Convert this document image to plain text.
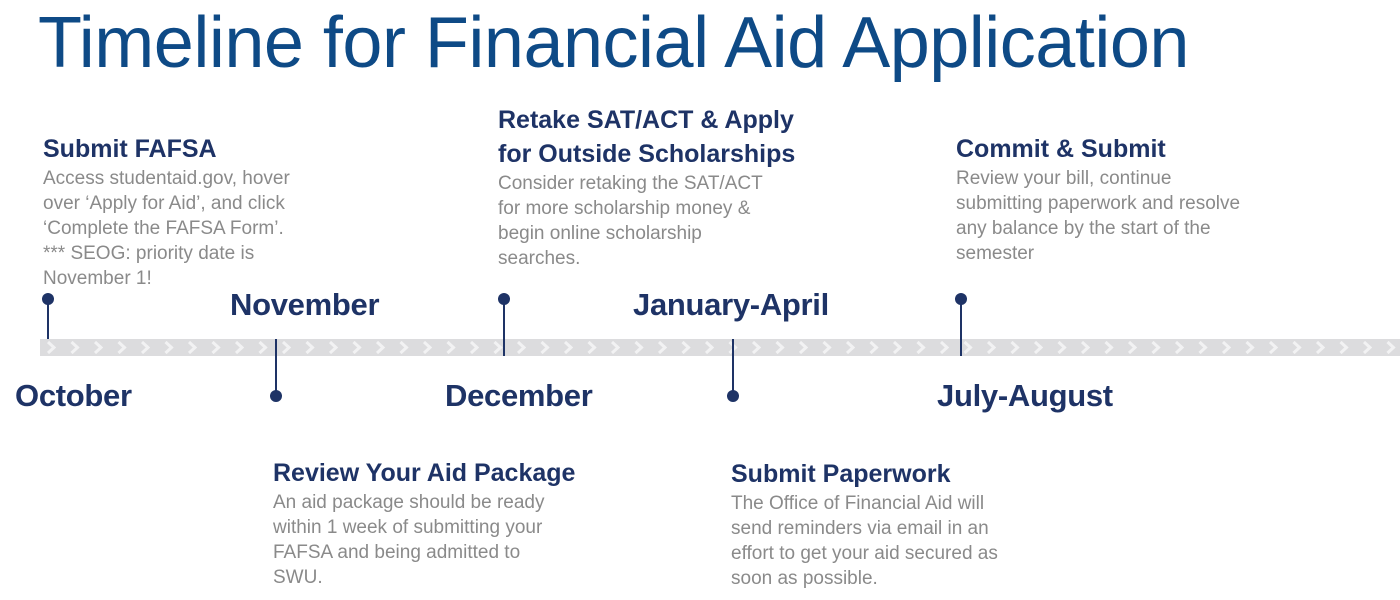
Timeline for Financial Aid Application
October
November
December
January-April
July-August
Submit FAFSA
Access studentaid.gov, hover
over ‘Apply for Aid’, and click
‘Complete the FAFSA Form’.
*** SEOG: priority date is
November 1!
Review Your Aid Package
An aid package should be ready
within 1 week of submitting your
FAFSA and being admitted to
SWU.
Retake SAT/ACT & Apply
for Outside Scholarships
Consider retaking the SAT/ACT
for more scholarship money &
begin online scholarship
searches.
Submit Paperwork
The Office of Financial Aid will
send reminders via email in an
effort to get your aid secured as
soon as possible.
Commit & Submit
Review your bill, continue
submitting paperwork and resolve
any balance by the start of the
semester
